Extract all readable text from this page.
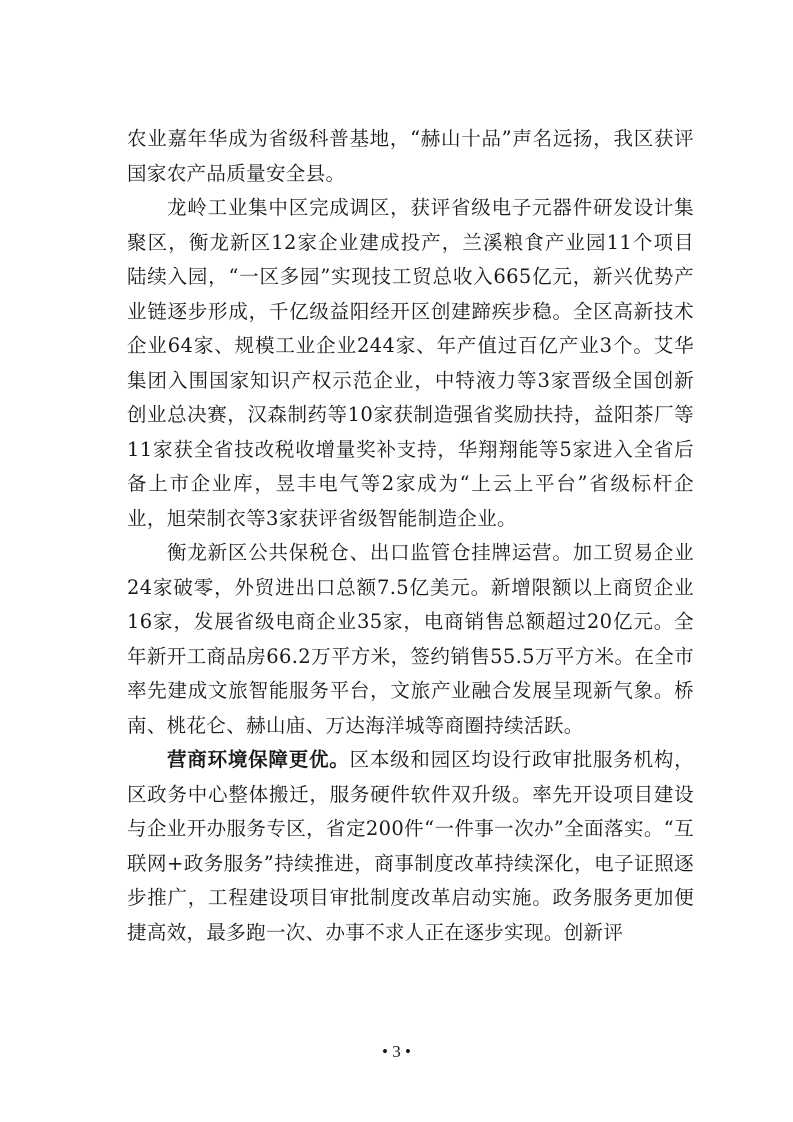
农业嘉年华成为省级科普基地，“赫山十品”声名远扬，我区获评国家农产品质量安全县。

龙岭工业集中区完成调区，获评省级电子元器件研发设计集聚区，衡龙新区12家企业建成投产，兰溪粮食产业园11个项目陆续入园，“一区多园”实现技工贸总收入665亿元，新兴优势产业链逐步形成，千亿级益阳经开区创建蹄疾步稳。全区高新技术企业64家、规模工业企业244家、年产值过百亿产业3个。艾华集团入围国家知识产权示范企业，中特液力等3家晋级全国创新创业总决赛，汉森制药等10家获制造强省奖励扶持，益阳茶厂等11家获全省技改税收增量奖补支持，华翔翔能等5家进入全省后备上市企业库，昱丰电气等2家成为“上云上平台”省级标杆企业，旭荣制衣等3家获评省级智能制造企业。

衡龙新区公共保税仓、出口监管仓挂牌运营。加工贸易企业24家破零，外贸进出口总额7.5亿美元。新增限额以上商贸企业16家，发展省级电商企业35家，电商销售总额超过20亿元。全年新开工商品房66.2万平方米，签约销售55.5万平方米。在全市率先建成文旅智能服务平台，文旅产业融合发展呈现新气象。桥南、桃花仑、赫山庙、万达海洋城等商圈持续活跃。

营商环境保障更优。区本级和园区均设行政审批服务机构，区政务中心整体搬迁，服务硬件软件双升级。率先开设项目建设与企业开办服务专区，省定200件“一件事一次办”全面落实。“互联网+政务服务”持续推进，商事制度改革持续深化，电子证照逐步推广，工程建设项目审批制度改革启动实施。政务服务更加便捷高效，最多跑一次、办事不求人正在逐步实现。创新评

• 3 •
